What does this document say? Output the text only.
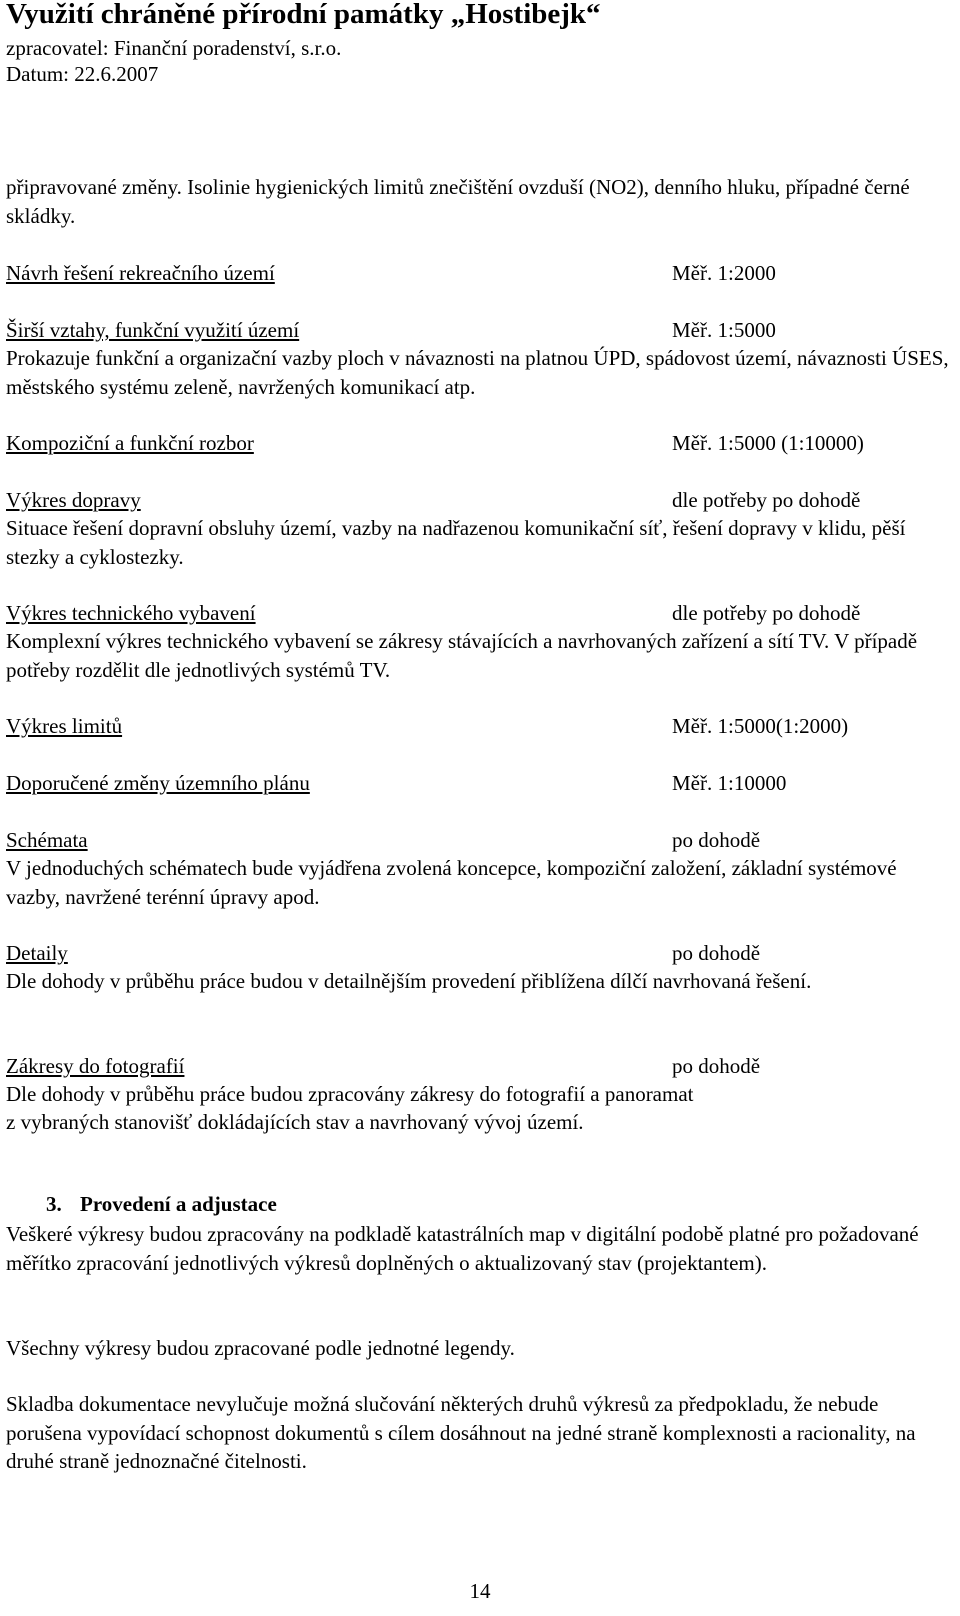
Využití chráněné přírodní památky „Hostibejk“
zpracovatel: Finanční poradenství, s.r.o.
Datum: 22.6.2007
připravované změny. Isolinie hygienických limitů znečištění ovzduší (NO2), denního hluku, případné černé skládky.
Návrh řešení rekreačního území	Měř. 1:2000
Širší vztahy, funkční využití území	Měř. 1:5000
Prokazuje funkční a organizační vazby ploch v návaznosti na platnou ÚPD, spádovost území, návaznosti ÚSES, městského systému zeleně, navržených komunikací atp.
Kompoziční a funkční rozbor	Měř. 1:5000 (1:10000)
Výkres dopravy	dle potřeby po dohodě
Situace řešení dopravní obsluhy území, vazby na nadřazenou komunikační síť, řešení dopravy v klidu, pěší stezky a cyklostezky.
Výkres technického vybavení	dle potřeby po dohodě
Komplexní výkres technického vybavení se zákresy stávajících a navrhovaných zařízení a sítí TV. V případě potřeby rozdělit dle jednotlivých systémů TV.
Výkres limitů	Měř. 1:5000(1:2000)
Doporučené změny územního plánu	Měř. 1:10000
Schémata	po dohodě
V jednoduchých schématech bude vyjádřena zvolená koncepce, kompoziční založení, základní systémové vazby, navržené terénní úpravy apod.
Detaily	po dohodě
Dle dohody v průběhu práce budou v detailnějším provedení přiblížena dílčí navrhovaná řešení.
Zákresy do fotografií	po dohodě
Dle dohody v průběhu práce budou zpracovány zákresy do fotografií a panoramat
z vybraných stanovišť dokládajících stav a navrhovaný vývoj území.
3. Provedení a adjustace
Veškeré výkresy budou zpracovány na podkladě katastrálních map v digitální podobě platné pro požadované měřítko zpracování jednotlivých výkresů doplněných o aktualizovaný stav (projektantem).
Všechny výkresy budou zpracované podle jednotné legendy.
Skladba dokumentace nevylučuje možná slučování některých druhů výkresů za předpokladu, že nebude porušena vypovídací schopnost dokumentů s cílem dosáhnout na jedné straně komplexnosti a racionality, na druhé straně jednoznačné čitelnosti.
14
